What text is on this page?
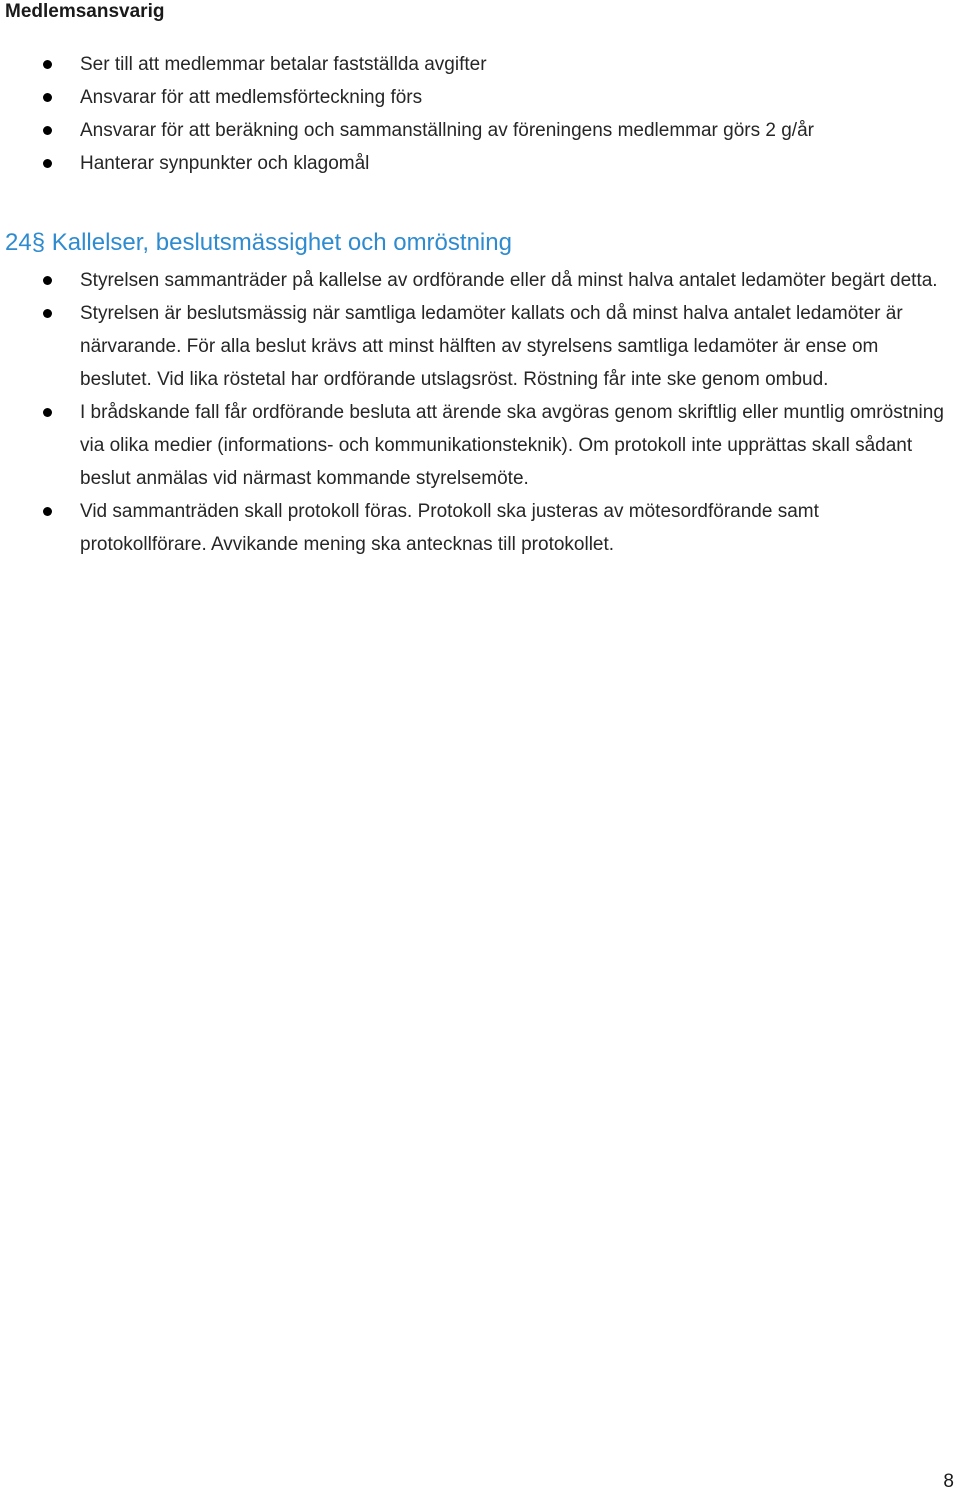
Medlemsansvarig
Ser till att medlemmar betalar fastställda avgifter
Ansvarar för att medlemsförteckning förs
Ansvarar för att beräkning och sammanställning av föreningens medlemmar görs 2 g/år
Hanterar synpunkter och klagomål
24§ Kallelser, beslutsmässighet och omröstning
Styrelsen sammanträder på kallelse av ordförande eller då minst halva antalet ledamöter begärt detta.
Styrelsen är beslutsmässig när samtliga ledamöter kallats och då minst halva antalet ledamöter är närvarande. För alla beslut krävs att minst hälften av styrelsens samtliga ledamöter är ense om beslutet. Vid lika röstetal har ordförande utslagsröst. Röstning får inte ske genom ombud.
I brådskande fall får ordförande besluta att ärende ska avgöras genom skriftlig eller muntlig omröstning via olika medier (informations- och kommunikationsteknik). Om protokoll inte upprättas skall sådant beslut anmälas vid närmast kommande styrelsemöte.
Vid sammanträden skall protokoll föras. Protokoll ska justeras av mötesordförande samt protokollförare. Avvikande mening ska antecknas till protokollet.
8
